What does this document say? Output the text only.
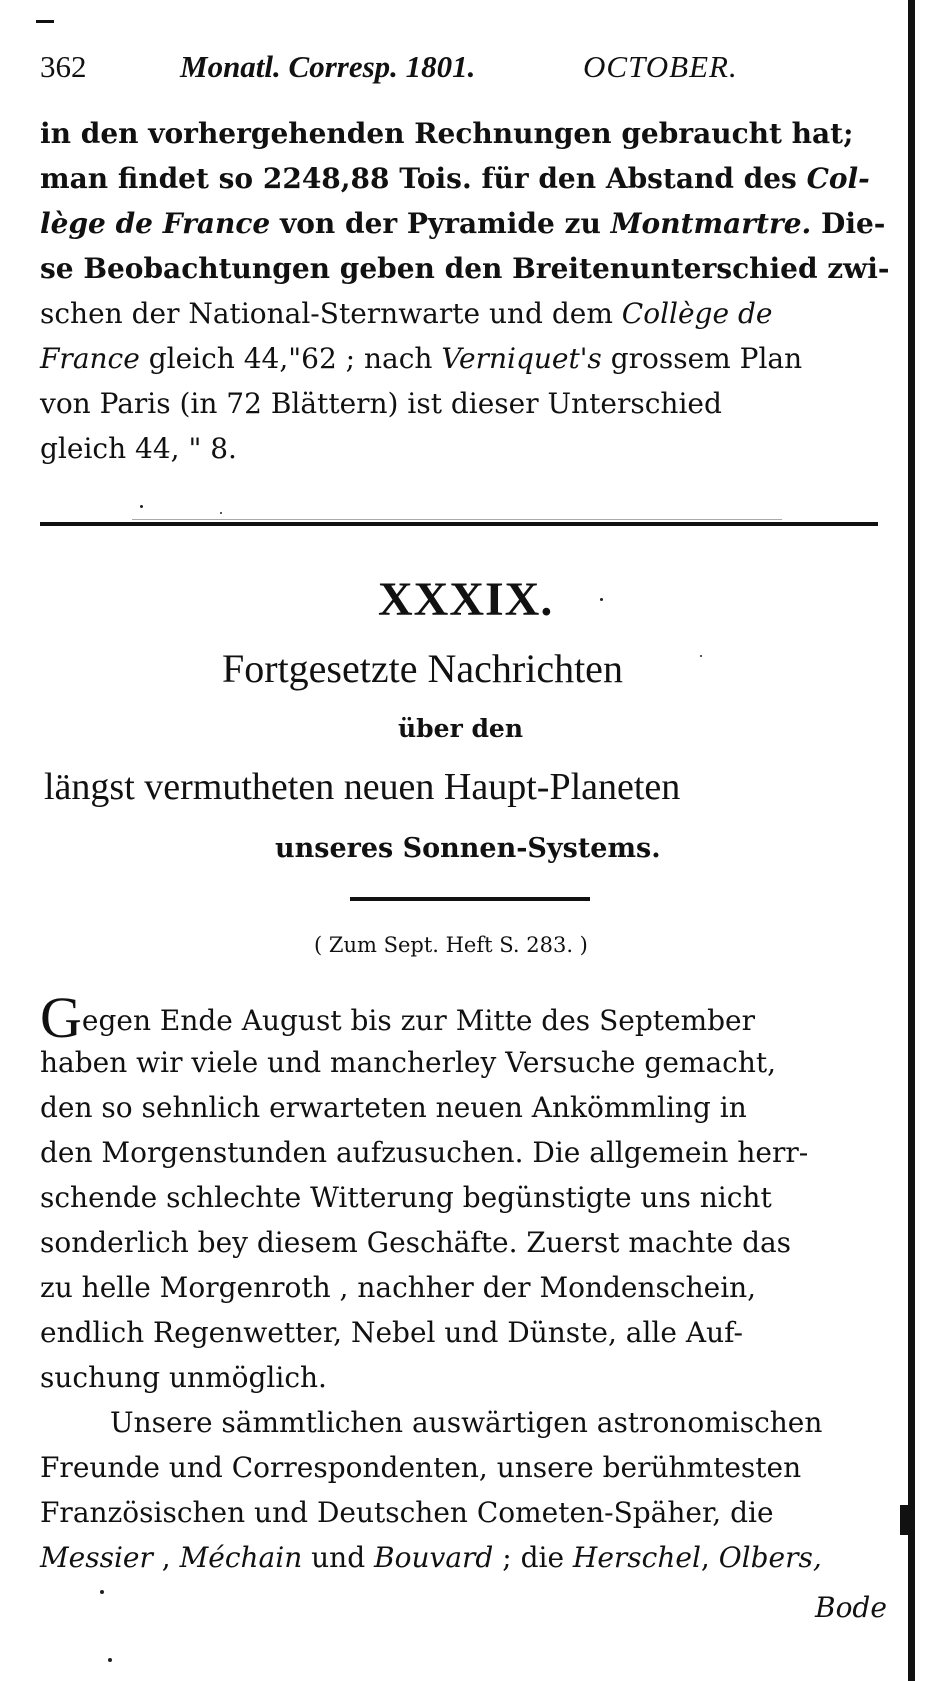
362	Monatl. Corresp. 1801.	OCTOBER.
in den vorhergehenden Rechnungen gebraucht hat;
man findet so 2248,88 Tois. für den Abstand des Col-
lège de France von der Pyramide zu Montmartre. Die-
se Beobachtungen geben den Breitenunterschied zwi-
schen der National-Sternwarte und dem Collège de
France gleich 44,"62 ; nach Verniquet's grossem Plan
von Paris (in 72 Blättern) ist dieser Unterschied
gleich 44, " 8.
XXXIX.
Fortgesetzte Nachrichten
über den
längst vermutheten neuen Haupt-Planeten
unseres Sonnen-Systems.
( Zum Sept. Heft S. 283. )
Gegen Ende August bis zur Mitte des September
haben wir viele und mancherley Versuche gemacht,
den so sehnlich erwarteten neuen Ankömmling in
den Morgenstunden aufzusuchen. Die allgemein herr-
schende schlechte Witterung begünstigte uns nicht
sonderlich bey diesem Geschäfte. Zuerst machte das
zu helle Morgenroth , nachher der Mondenschein,
endlich Regenwetter, Nebel und Dünste, alle Auf-
suchung unmöglich.
Unsere sämmtlichen auswärtigen astronomischen
Freunde und Correspondenten, unsere berühmtesten
Französischen und Deutschen Cometen-Späher, die
Messier , Méchain und Bouvard ; die Herschel, Olbers,
Bode
